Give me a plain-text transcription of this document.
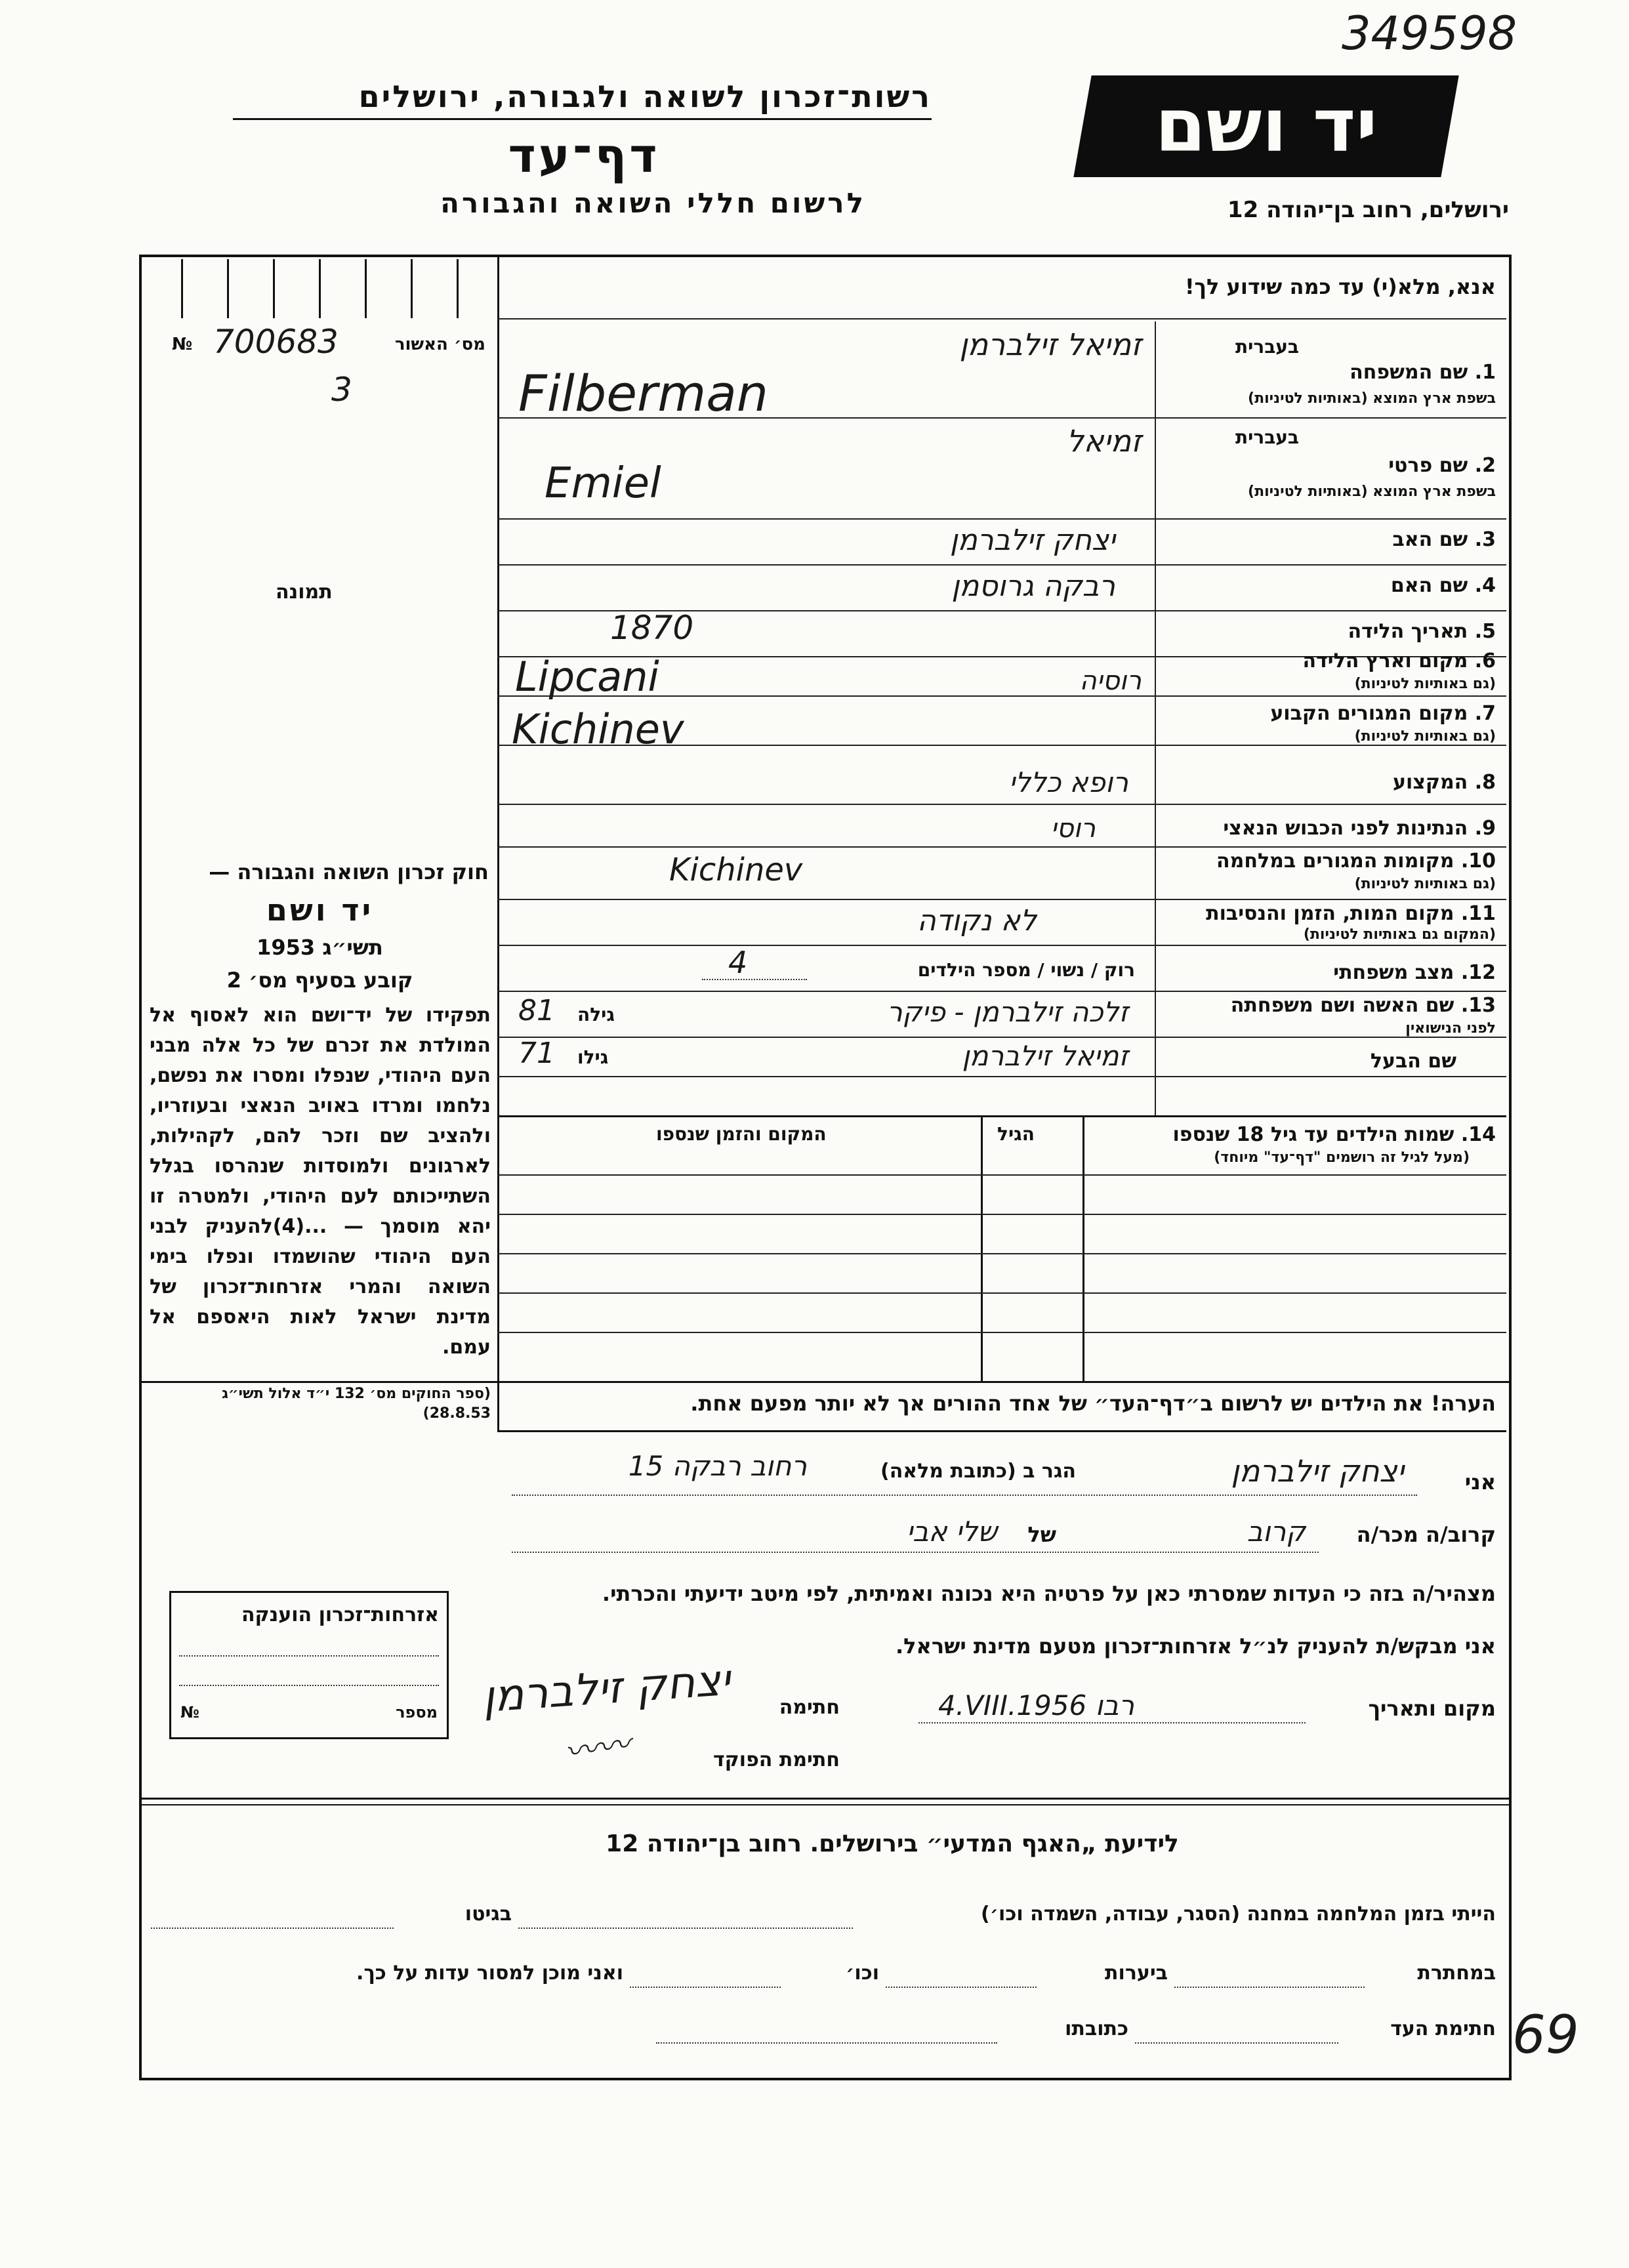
349598
69
רשות־זכרון לשואה ולגבורה, ירושלים
דף־עד
לרשום חללי השואה והגבורה
יד ושם
ירושלים, רחוב בן־יהודה 12
אנא, מלא(י) עד כמה שידוע לך!
מס׳ האשור
700683
№
3
תמונה
בעברית
1. שם המשפחה
בשפת ארץ המוצא (באותיות לטיניות)
זמיאל זילברמן
Filberman
בעברית
2. שם פרטי
בשפת ארץ המוצא (באותיות לטיניות)
זמיאל
Emiel
3. שם האב
יצחק זילברמן
4. שם האם
רבקה גרוסמן
5. תאריך הלידה
1870
6. מקום וארץ הלידה
(גם באותיות לטיניות)
Lipcani	רוסיה
7. מקום המגורים הקבוע
(גם באותיות לטיניות)
Kichinev
8. המקצוע
רופא כללי
9. הנתינות לפני הכבוש הנאצי
רוסי
10. מקומות המגורים במלחמה
(גם באותיות לטיניות)
Kichinev
11. מקום המות, הזמן והנסיבות
(המקום גם באותיות לטיניות)
לא נקודה
12. מצב משפחתי
רוק / נשוי / מספר הילדים
4
13. שם האשה ושם משפחתה
לפני הנישואין
זלכה זילברמן - פיקר
גילה
81
שם הבעל
זמיאל זילברמן
גילו
71
14. שמות הילדים עד גיל 18 שנספו
(מעל לגיל זה רושמים "דף־עד" מיוחד)
הגיל
המקום והזמן שנספו
חוק זכרון השואה והגבורה —
יד ושם
תשי״ג 1953
קובע בסעיף מס׳ 2
תפקידו של יד־ושם הוא לאסוף אל המולדת את זכרם של כל אלה מבני העם היהודי, שנפלו ומסרו את נפשם, נלחמו ומרדו באויב הנאצי ובעוזריו, ולהציב שם וזכר להם, לקהילות, לארגונים ולמוסדות שנהרסו בגלל השתייכותם לעם היהודי, ולמטרה זו יהא מוסמך — ...(4)להעניק לבני העם היהודי שהושמדו ונפלו בימי השואה והמרי אזרחות־זכרון של מדינת ישראל לאות היאספם אל עמם.
(ספר החוקים מס׳ 132 י״ד אלול תשי״ג 28.8.53)	הערה! את הילדים יש לרשום ב״דף־העד״ של אחד ההורים אך לא יותר מפעם אחת.
אני
יצחק זילברמן
הגר ב (כתובת מלאה)
רחוב רבקה 15
קרוב/ה מכר/ה
קרוב
של
שלי אבי
מצהיר/ה בזה כי העדות שמסרתי כאן על פרטיה היא נכונה ואמיתית, לפי מיטב ידיעתי והכרתי.
אני מבקש/ת להעניק לנ״ל אזרחות־זכרון מטעם מדינת ישראל.
מקום ותאריך
4.VIII.1956 רבו
חתימה
יצחק זילברמן
〰〰	חתימת הפוקד
אזרחות־זכרון הוענקה
מספר
№
לידיעת „האגף המדעי״ בירושלים. רחוב בן־יהודה 12
הייתי בזמן המלחמה במחנה (הסגר, עבודה, השמדה וכו׳)
בגיטו
במחתרת
ביערות
וכו׳
ואני מוכן למסור עדות על כך.
חתימת העד
כתובתו
